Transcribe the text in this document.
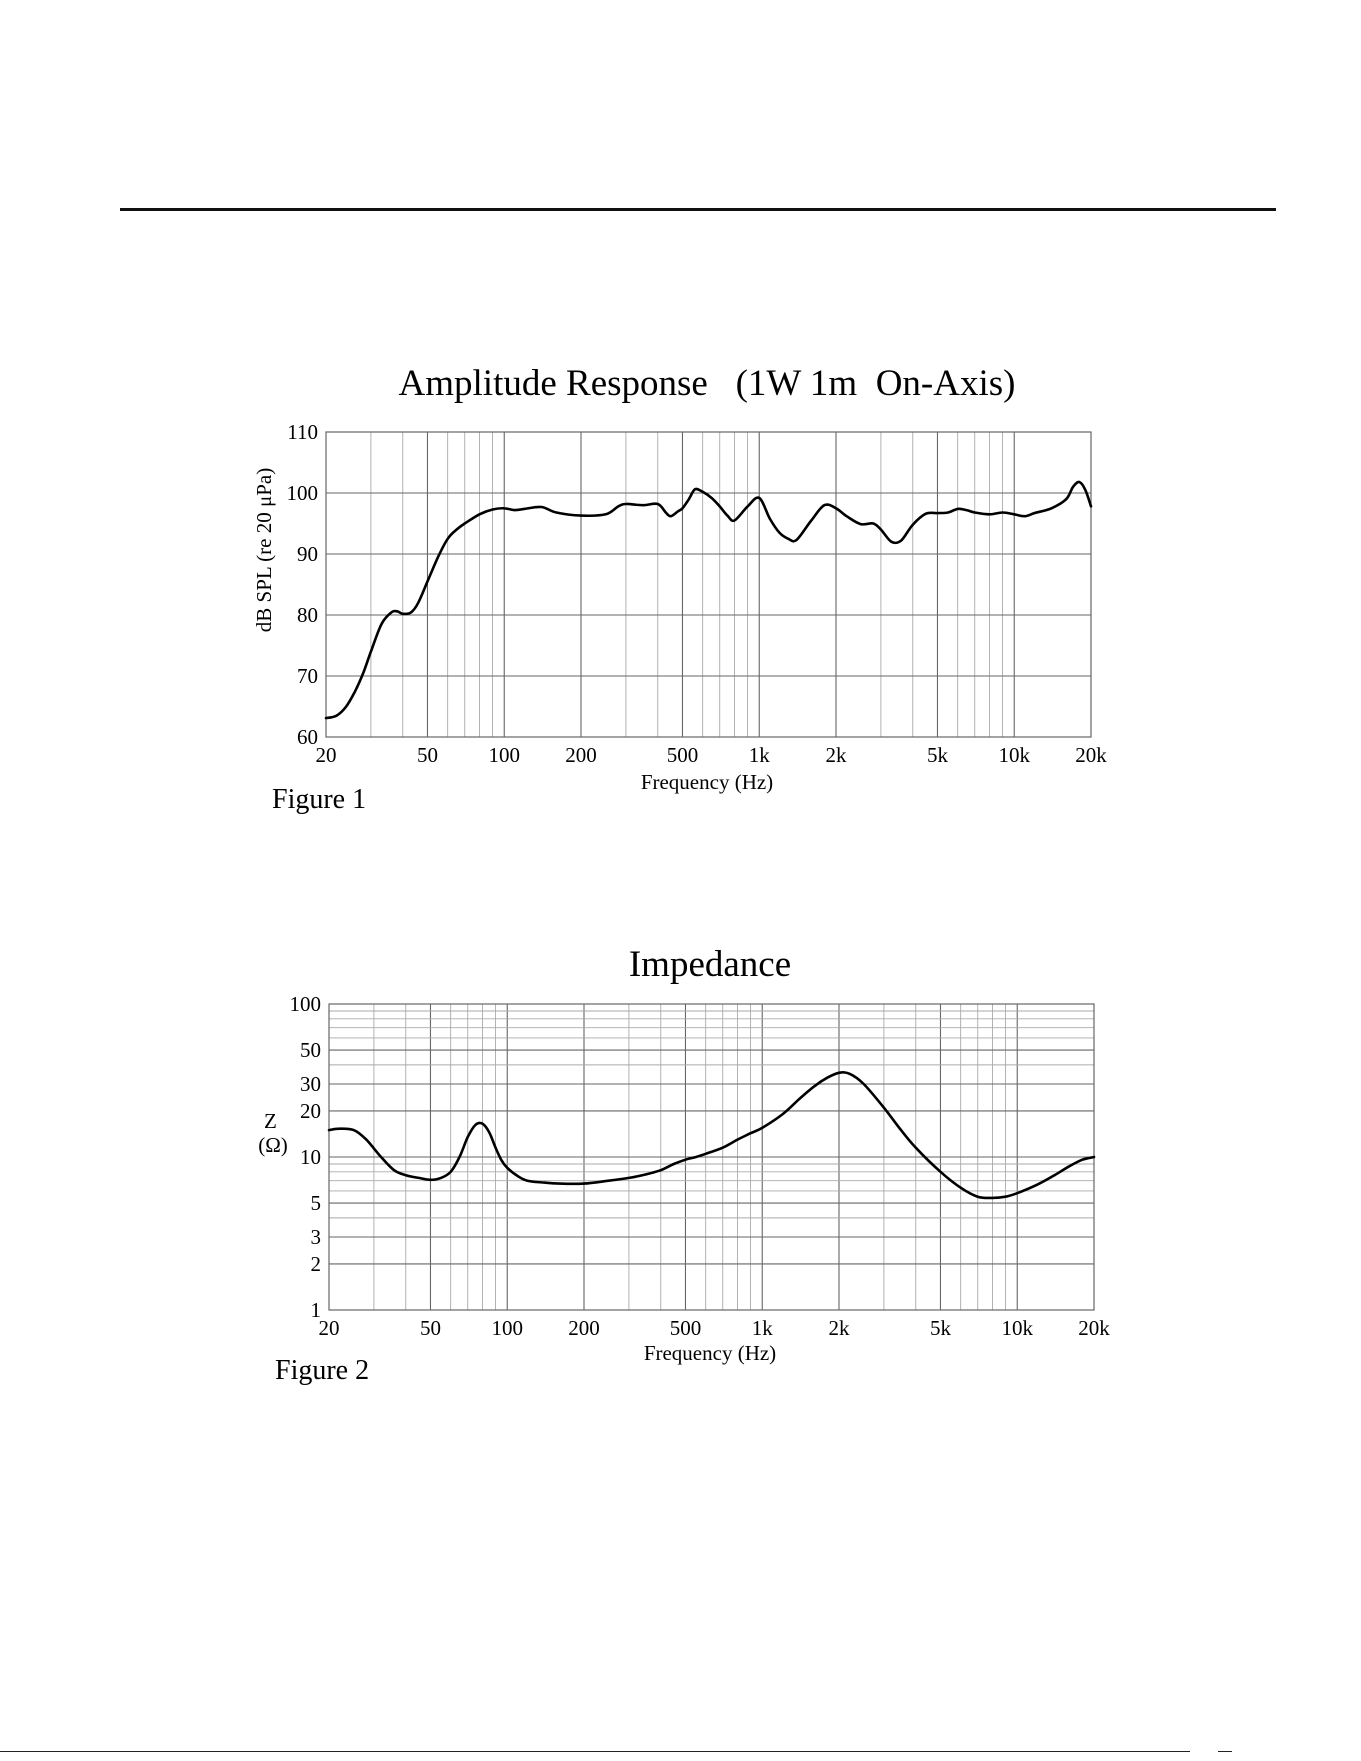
Amplitude Response   (1W 1m  On-Axis)
60
70
80
90
100
110
20	50 100 200	500 1k	2k	5k 10k 20k
dB SPL (re 20 μPa)
Frequency (Hz)
Figure 1
Impedance
1
2
3
5
10
20
30
50
100
20	50 100 200	500 1k	2k	5k 10k 20k
Z (Ω)
Frequency (Hz)
Figure 2
